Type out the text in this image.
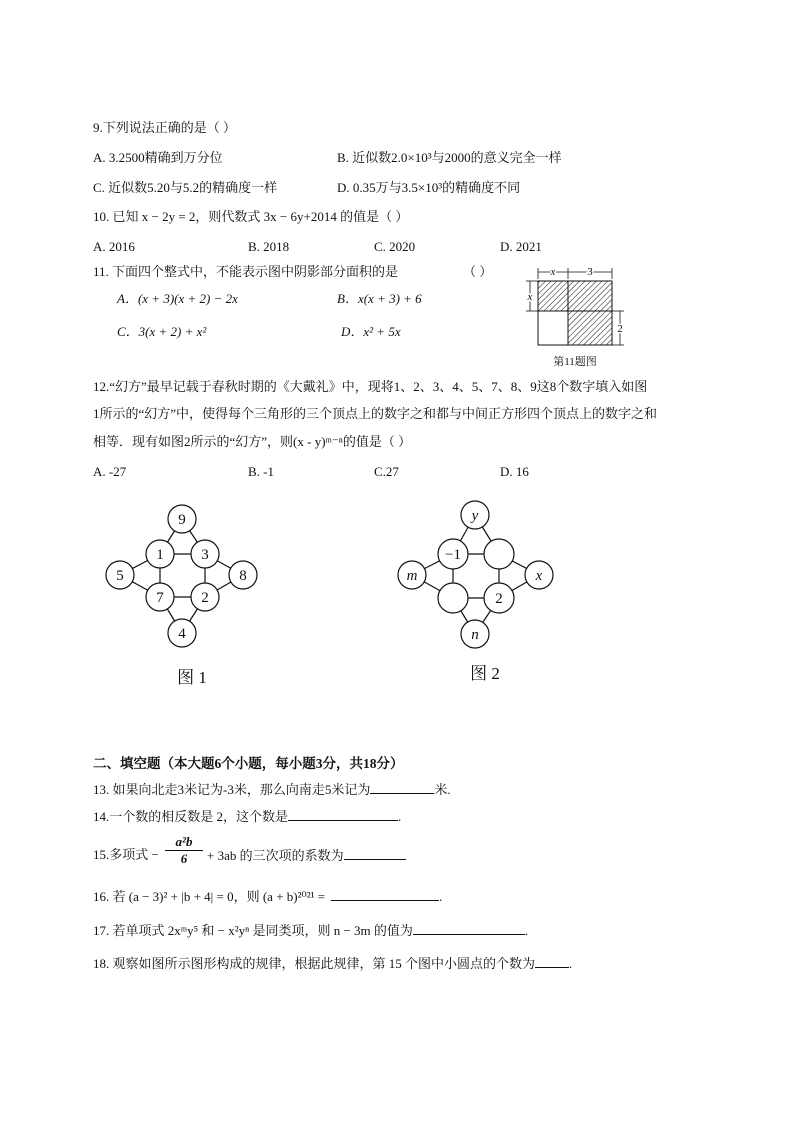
9.下列说法正确的是（ ）
A. 3.2500精确到万分位	B. 近似数2.0×10³与2000的意义完全一样
C. 近似数5.20与5.2的精确度一样	D. 0.35万与3.5×10³的精确度不同
10. 已知 x − 2y = 2，则代数式 3x − 6y+2014 的值是（ ）
A. 2016	B. 2018	C. 2020	D. 2021
11. 下面四个整式中，不能表示图中阴影部分面积的是	（ ）
A．(x + 3)(x + 2) − 2x	B．x(x + 3) + 6
C．3(x + 2) + x²	D．x² + 5x
x	3
x
2
第11题图
12.“幻方”最早记载于春秋时期的《大戴礼》中，现将1、2、3、4、5、7、8、9这8个数字填入如图
1所示的“幻方”中，使得每个三角形的三个顶点上的数字之和都与中间正方形四个顶点上的数字之和
相等．现有如图2所示的“幻方”，则(x - y)ᵐ⁻ⁿ的值是（ ）
A. -27	B. -1	C.27	D. 16
9
1	3
5	8
7	2
4
图 1
y
−1
m	x
2
n
图 2
二、填空题（本大题6个小题，每小题3分，共18分）
13. 如果向北走3米记为-3米，那么向南走5米记为	米.
14.一个数的相反数是 2，这个数是	.
15.多项式 − $\frac{\text{a²b}}{6} + 3ab$ 的三次项的系数为
16. 若 (a − 3)² + |b + 4| = 0，则 (a + b)²⁰²¹ =	.
17. 若单项式 2xᵐy⁵ 和 − x²yⁿ 是同类项，则 n − 3m 的值为	.
18. 观察如图所示图形构成的规律，根据此规律，第 15 个图中小圆点的个数为	.
